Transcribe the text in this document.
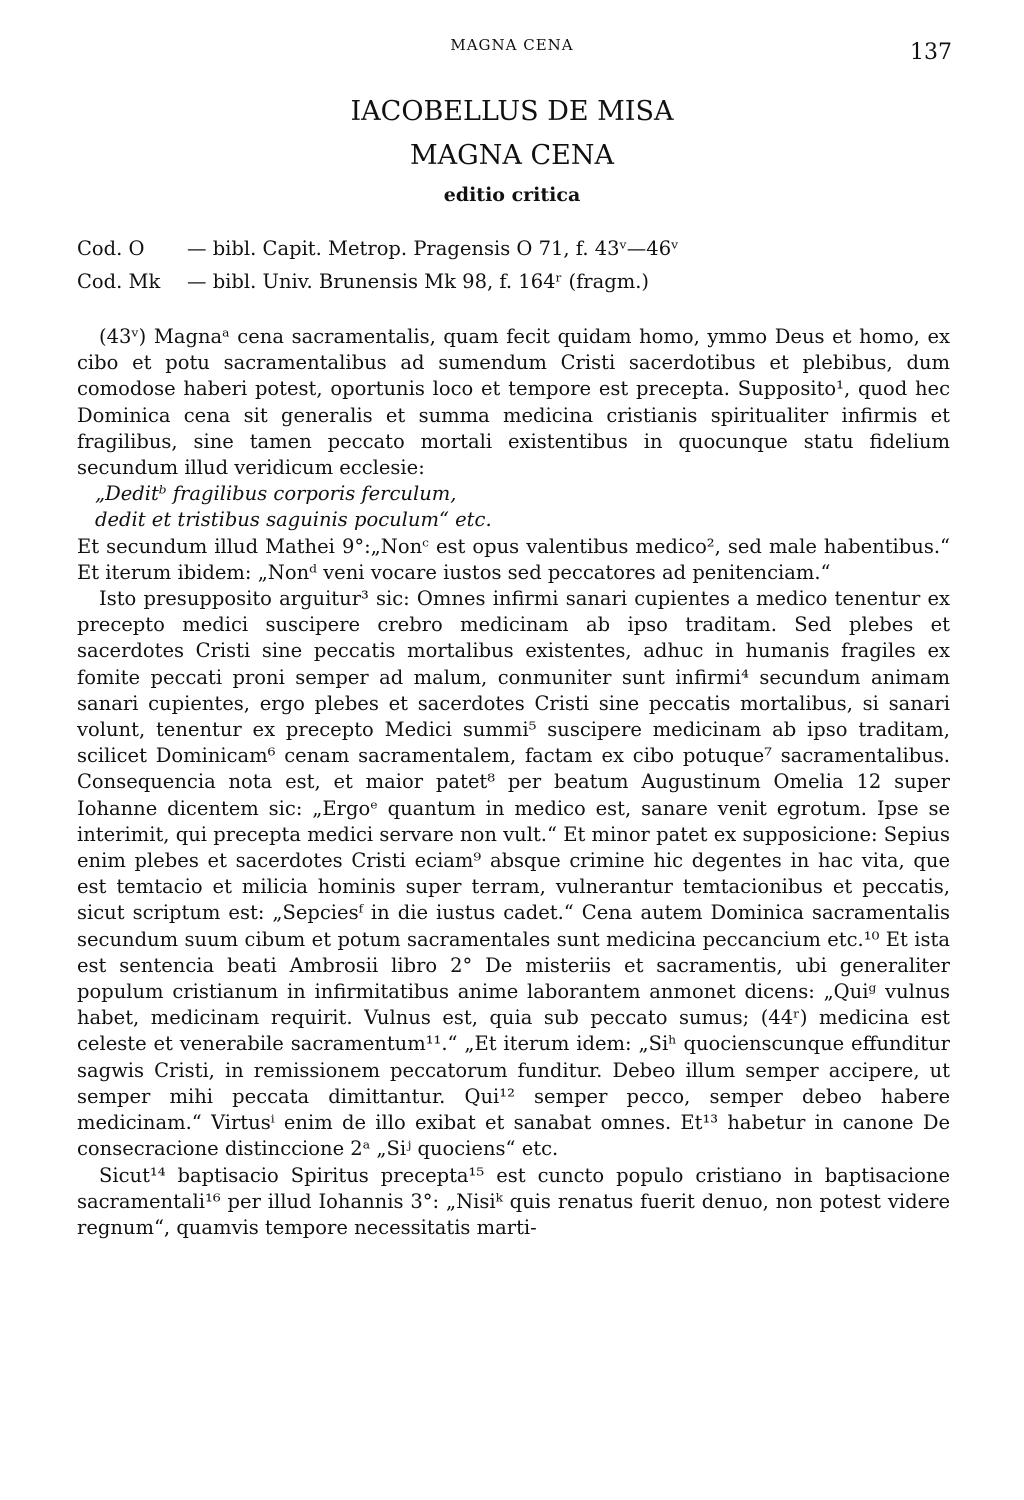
MAGNA CENA	137
IACOBELLUS DE MISA
MAGNA CENA
editio critica
Cod. O — bibl. Capit. Metrop. Pragensis O 71, f. 43ᵛ—46ᵛ
Cod. Mk — bibl. Univ. Brunensis Mk 98, f. 164ʳ (fragm.)

(43ᵛ) Magnaᵃ cena sacramentalis, quam fecit quidam homo, ymmo Deus et homo, ex cibo et potu sacramentalibus ad sumendum Cristi sacerdotibus et plebibus, dum comodose haberi potest, oportunis loco et tempore est precepta. Supposito¹, quod hec Dominica cena sit generalis et summa medicina cristianis spiritualiter infirmis et fragilibus, sine tamen peccato mortali existentibus in quocunque statu fidelium secundum illud veridicum ecclesie:

„Deditᵇ fragilibus corporis ferculum,

dedit et tristibus saguinis poculum“ etc.

Et secundum illud Mathei 9°:„Nonᶜ est opus valentibus medico², sed male habentibus.“ Et iterum ibidem: „Nonᵈ veni vocare iustos sed peccatores ad penitenciam.“

Isto presupposito arguitur³ sic: Omnes infirmi sanari cupientes a medico tenentur ex precepto medici suscipere crebro medicinam ab ipso traditam. Sed plebes et sacerdotes Cristi sine peccatis mortalibus existentes, adhuc in humanis fragiles ex fomite peccati proni semper ad malum, conmuniter sunt infirmi⁴ secundum animam sanari cupientes, ergo plebes et sacerdotes Cristi sine peccatis mortalibus, si sanari volunt, tenentur ex precepto Medici summi⁵ suscipere medicinam ab ipso traditam, scilicet Dominicam⁶ cenam sacramentalem, factam ex cibo potuque⁷ sacramentalibus. Consequencia nota est, et maior patet⁸ per beatum Augustinum Omelia 12 super Iohanne dicentem sic: „Ergoᵉ quantum in medico est, sanare venit egrotum. Ipse se interimit, qui precepta medici servare non vult.“ Et minor patet ex supposicione: Sepius enim plebes et sacerdotes Cristi eciam⁹ absque crimine hic degentes in hac vita, que est temtacio et milicia hominis super terram, vulnerantur temtacionibus et peccatis, sicut scriptum est: „Sepciesᶠ in die iustus cadet.“ Cena autem Dominica sacramentalis secundum suum cibum et potum sacramentales sunt medicina peccancium etc.¹⁰ Et ista est sentencia beati Ambrosii libro 2° De misteriis et sacramentis, ubi generaliter populum cristianum in infirmitatibus anime laborantem anmonet dicens: „Quiᵍ vulnus habet, medicinam requirit. Vulnus est, quia sub peccato sumus; (44ʳ) medicina est celeste et venerabile sacramentum¹¹.“ „Et iterum idem: „Siʰ quocienscunque effunditur sagwis Cristi, in remissionem peccatorum funditur. Debeo illum semper accipere, ut semper mihi peccata dimittantur. Qui¹² semper pecco, semper debeo habere medicinam.“ Virtusⁱ enim de illo exibat et sanabat omnes. Et¹³ habetur in canone De consecracione distinccione 2ᵃ „Siʲ quociens“ etc.

Sicut¹⁴ baptisacio Spiritus precepta¹⁵ est cuncto populo cristiano in baptisacione sacramentali¹⁶ per illud Iohannis 3°: „Nisiᵏ quis renatus fuerit denuo, non potest videre regnum“, quamvis tempore necessitatis marti-
